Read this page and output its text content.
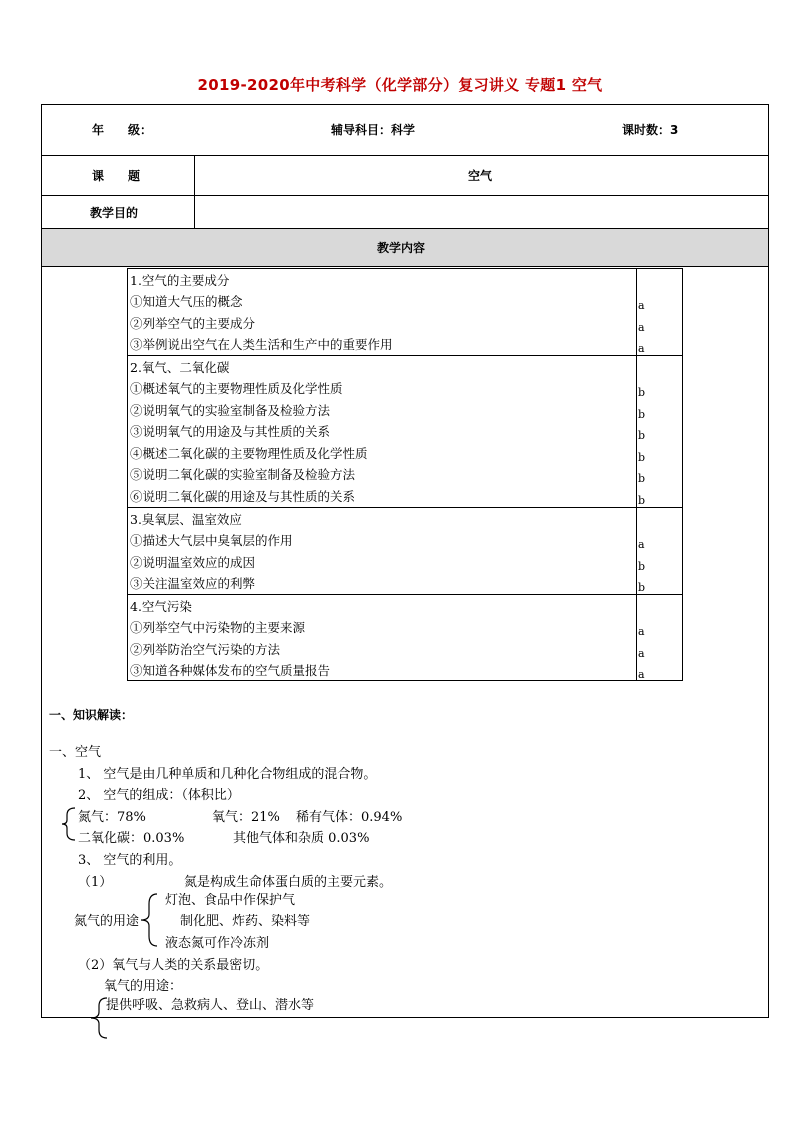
2019-2020年中考科学（化学部分）复习讲义 专题1 空气
年　　级：	辅导科目：科学	课时数：3
课　　题	空气
教学目的
教学内容
1.空气的主要成分
①知道大气压的概念	a
②列举空气的主要成分	a
③举例说出空气在人类生活和生产中的重要作用	a
2.氧气、二氧化碳
①概述氧气的主要物理性质及化学性质	b
②说明氧气的实验室制备及检验方法	b
③说明氧气的用途及与其性质的关系	b
④概述二氧化碳的主要物理性质及化学性质	b
⑤说明二氧化碳的实验室制备及检验方法	b
⑥说明二氧化碳的用途及与其性质的关系	b
3.臭氧层、温室效应
①描述大气层中臭氧层的作用	a
②说明温室效应的成因	b
③关注温室效应的利弊	b
4.空气污染
①列举空气中污染物的主要来源	a
②列举防治空气污染的方法	a
③知道各种媒体发布的空气质量报告	a
一、知识解读：
一、空气
1、 空气是由几种单质和几种化合物组成的混合物。
2、 空气的组成：（体积比）
氮气：78%	氧气：21% 稀有气体：0.94%
二氧化碳：0.03%	其他气体和杂质 0.03%
3、 空气的利用。
（1）	氮是构成生命体蛋白质的主要元素。
氮气的用途
灯泡、食品中作保护气
制化肥、炸药、染料等
液态氮可作冷冻剂
（2）氧气与人类的关系最密切。
氧气的用途：
提供呼吸、急救病人、登山、潜水等
